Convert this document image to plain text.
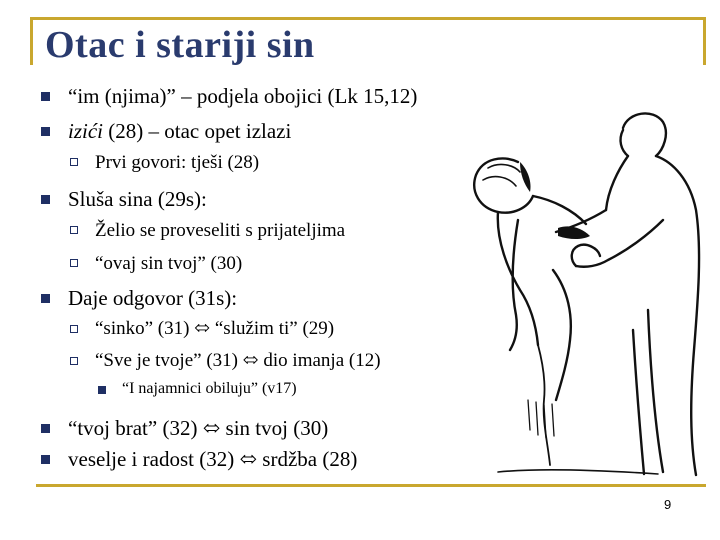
Otac i stariji sin
“im (njima)” – podjela obojici (Lk 15,12)
izići (28) – otac opet izlazi
Prvi govori: tješi (28)
Sluša sina (29s):
Želio se proveseliti s prijateljima
“ovaj sin tvoj” (30)
Daje odgovor (31s):
“sinko” (31) ⬄ “služim ti” (29)
“Sve je tvoje” (31) ⬄ dio imanja (12)
“I najamnici obiluju” (v17)
“tvoj brat” (32) ⬄ sin tvoj (30)
veselje i radost (32) ⬄ srdžba (28)
9
